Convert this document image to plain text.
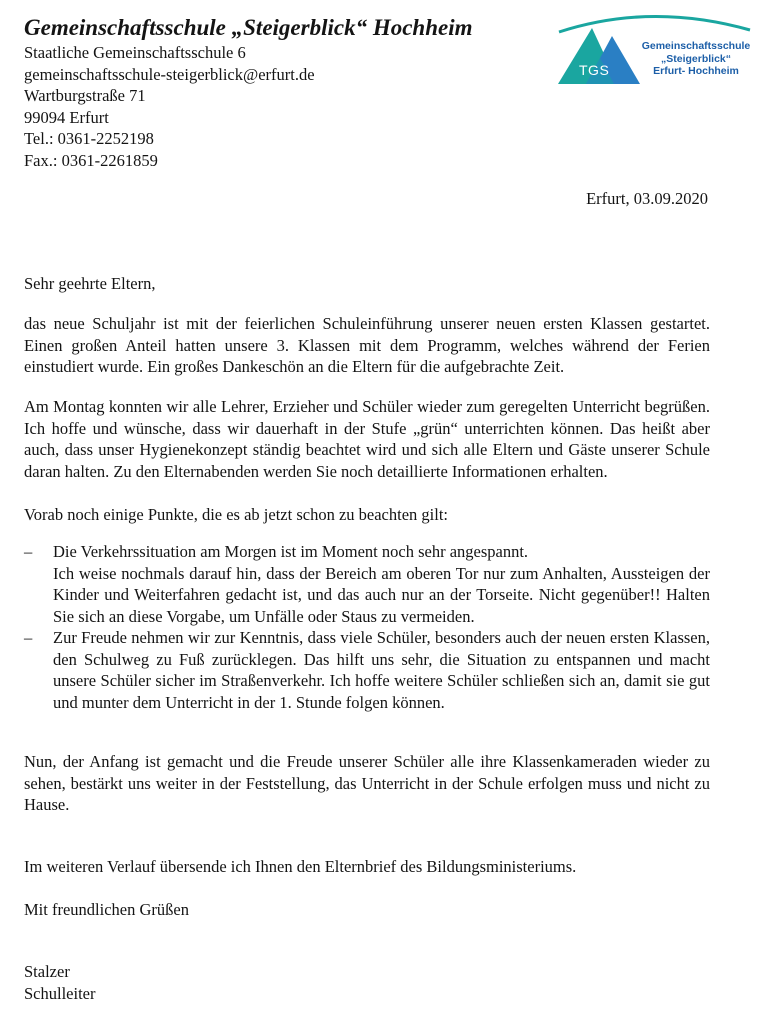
Gemeinschaftsschule „Steigerblick“ Hochheim
Staatliche Gemeinschaftsschule 6
gemeinschaftsschule-steigerblick@erfurt.de
Wartburgstraße 71
99094 Erfurt
Tel.: 0361-2252198
Fax.: 0361-2261859
TGS
Gemeinschaftsschule
„Steigerblick“
Erfurt- Hochheim
Erfurt, 03.09.2020
Sehr geehrte Eltern,
das neue Schuljahr ist mit der feierlichen Schuleinführung unserer neuen ersten Klassen gestartet. Einen großen Anteil hatten unsere 3. Klassen mit dem Programm, welches während der Ferien einstudiert wurde. Ein großes Dankeschön an die Eltern für die aufgebrachte Zeit.
Am Montag konnten wir alle Lehrer, Erzieher und Schüler wieder zum geregelten Unterricht begrüßen. Ich hoffe und wünsche, dass wir dauerhaft in der Stufe „grün“ unterrichten können. Das heißt aber auch, dass unser Hygienekonzept ständig beachtet wird und sich alle Eltern und Gäste unserer Schule daran halten. Zu den Elternabenden werden Sie noch detaillierte Informationen erhalten.
Vorab noch einige Punkte, die es ab jetzt schon zu beachten gilt:
– Die Verkehrssituation am Morgen ist im Moment noch sehr angespannt.
Ich weise nochmals darauf hin, dass der Bereich am oberen Tor nur zum Anhalten, Aussteigen der Kinder und Weiterfahren gedacht ist, und das auch nur an der Torseite. Nicht gegenüber!! Halten Sie sich an diese Vorgabe, um Unfälle oder Staus zu vermeiden.
– Zur Freude nehmen wir zur Kenntnis, dass viele Schüler, besonders auch der neuen ersten Klassen, den Schulweg zu Fuß zurücklegen. Das hilft uns sehr, die Situation zu entspannen und macht unsere Schüler sicher im Straßenverkehr. Ich hoffe weitere Schüler schließen sich an, damit sie gut und munter dem Unterricht in der 1. Stunde folgen können.
Nun, der Anfang ist gemacht und die Freude unserer Schüler alle ihre Klassenkameraden wieder zu sehen, bestärkt uns weiter in der Feststellung, das Unterricht in der Schule erfolgen muss und nicht zu Hause.
Im weiteren Verlauf übersende ich Ihnen den Elternbrief des Bildungsministeriums.
Mit freundlichen Grüßen
Stalzer
Schulleiter
